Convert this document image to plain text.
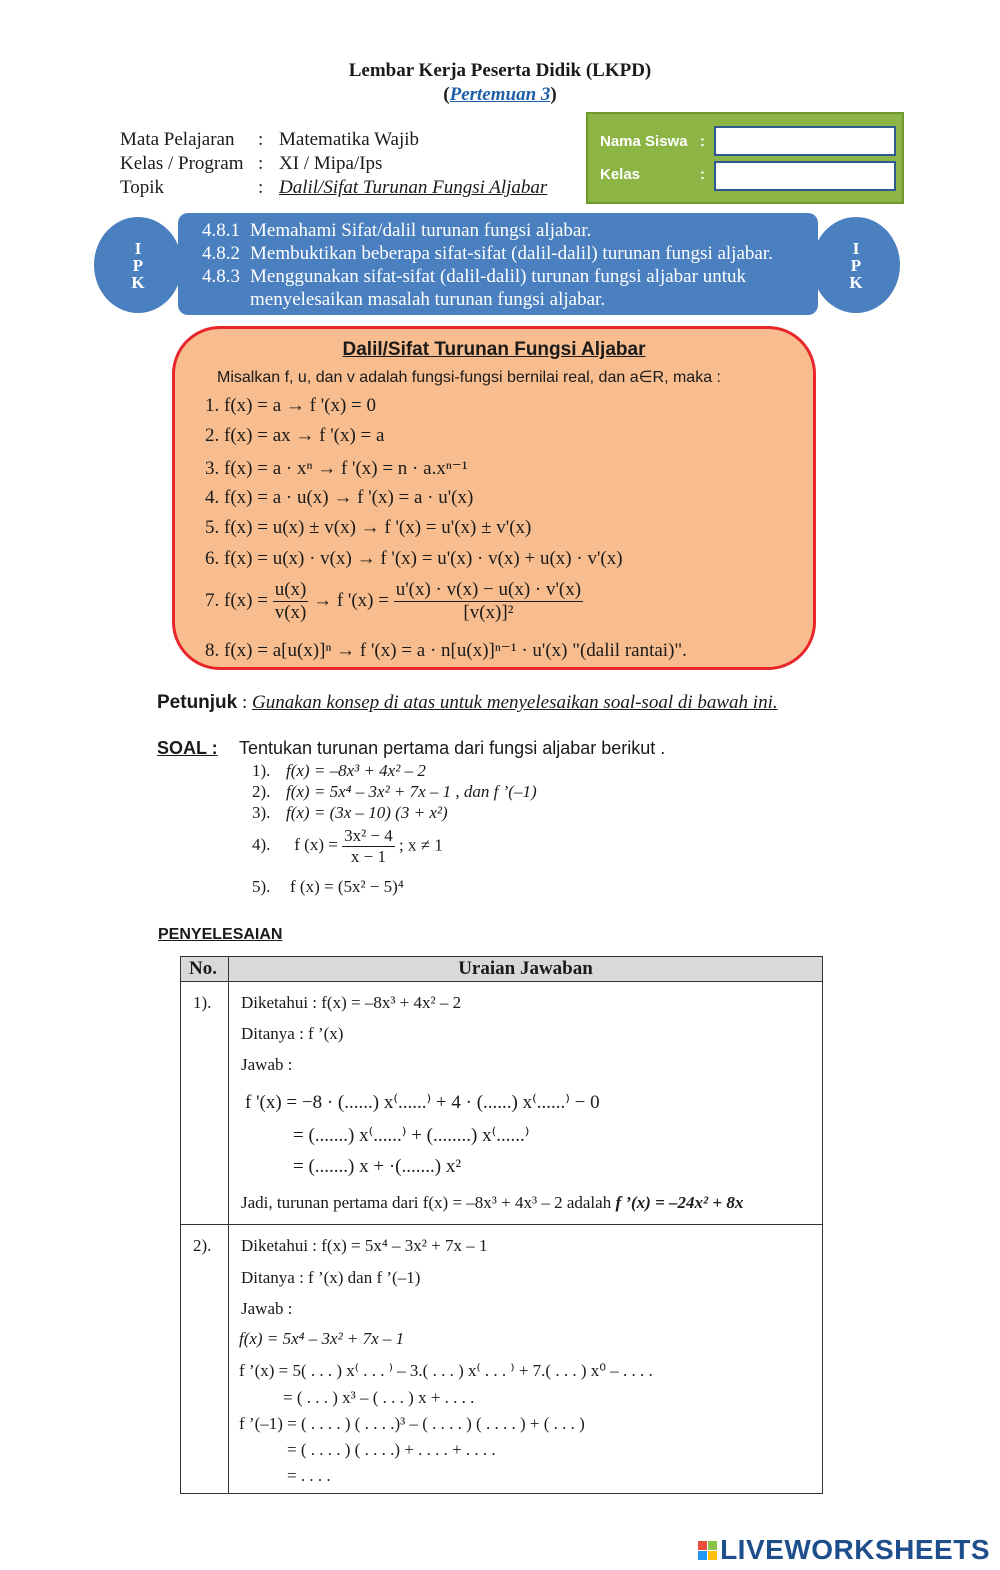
Lembar Kerja Peserta Didik (LKPD)
(Pertemuan 3)
Mata Pelajaran	: Matematika Wajib
Kelas / Program : XI / Mipa/Ips
Topik	: Dalil/Sifat Turunan Fungsi Aljabar
Nama Siswa :
Kelas	:
I
P
K
I
P
K
4.8.1 Memahami Sifat/dalil turunan fungsi aljabar.
4.8.2 Membuktikan beberapa sifat-sifat (dalil-dalil) turunan fungsi aljabar.
4.8.3 Menggunakan sifat-sifat (dalil-dalil) turunan fungsi aljabar untuk
menyelesaikan masalah turunan fungsi aljabar.
Dalil/Sifat Turunan Fungsi Aljabar
Misalkan f, u, dan v adalah fungsi-fungsi bernilai real, dan a∈R, maka :
1. f(x) = a → f '(x) = 0
2. f(x) = ax → f '(x) = a
3. f(x) = a · xⁿ → f '(x) = n · a.xⁿ⁻¹
4. f(x) = a · u(x) → f '(x) = a · u'(x)
5. f(x) = u(x) ± v(x) → f '(x) = u'(x) ± v'(x)
6. f(x) = u(x) · v(x) → f '(x) = u'(x) · v(x) + u(x) · v'(x)
7. $f(x) = \frac{u(x)}{v(x)} \to f$ '$(x) = \frac{u'(x) \cdot v(x) - u(x) \cdot v'(x)}{\text{[v(x)]²}}$
8. f(x) = a[u(x)]ⁿ → f '(x) = a · n[u(x)]ⁿ⁻¹ · u'(x) "(dalil rantai)".
Petunjuk : Gunakan konsep di atas untuk menyelesaikan soal-soal di bawah ini.
SOAL : Tentukan turunan pertama dari fungsi aljabar berikut .
1). f(x) = –8x³ + 4x² – 2
2). f(x) = 5x⁴ – 3x² + 7x – 1 , dan f ’(–1)
3). f(x) = (3x – 10) (3 + x²)
4). f $(x) = \frac{\text{3x² − 4}}{x - 1}$ ; x ≠ 1
5). f (x) = (5x² − 5)⁴
PENYELESAIAN
No.	Uraian Jawaban
1). Diketahui : f(x) = –8x³ + 4x² – 2
Ditanya : f ’(x)
Jawab :
f '(x) = −8 · (......) x⁽......⁾ + 4 · (......) x⁽......⁾ − 0
= (.......) x⁽......⁾ + (........) x⁽......⁾
= (.......) x + ·(.......) x²
Jadi, turunan pertama dari f(x) = –8x³ + 4x³ – 2 adalah f ’(x) = –24x² + 8x
2). Diketahui : f(x) = 5x⁴ – 3x² + 7x – 1
Ditanya : f ’(x) dan f ’(–1)
Jawab :
f(x) = 5x⁴ – 3x² + 7x – 1
f ’(x) = 5( . . . ) x⁽ . . . ⁾ – 3.( . . . ) x⁽ . . . ⁾ + 7.( . . . ) x⁰ – . . . .
= ( . . . ) x³ – ( . . . ) x + . . . .
f ’(–1) = ( . . . . ) ( . . . .)³ – ( . . . . ) ( . . . . ) + ( . . . )
= ( . . . . ) ( . . . .) + . . . . + . . . .
= . . . .
LIVEWORKSHEETS
